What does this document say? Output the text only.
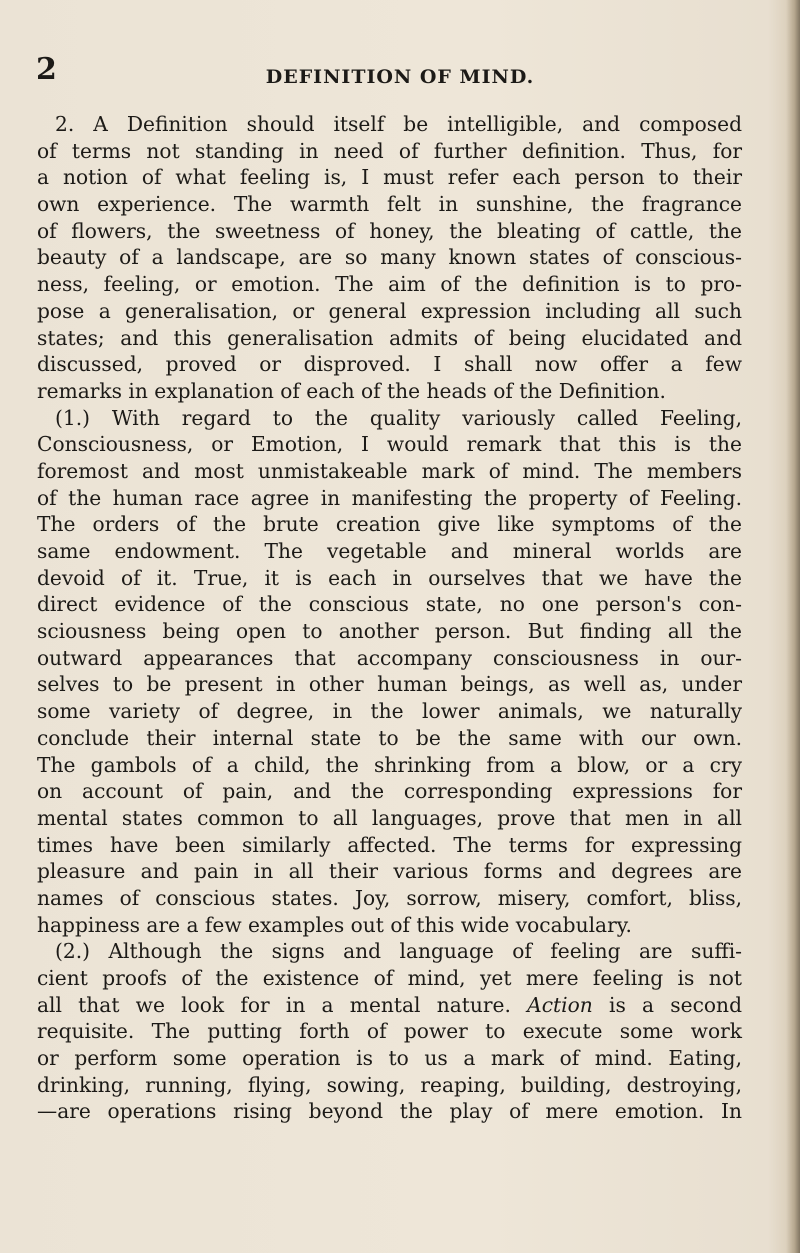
2	DEFINITION OF MIND.
2. A Definition should itself be intelligible, and composed
of terms not standing in need of further definition. Thus, for
a notion of what feeling is, I must refer each person to their
own experience. The warmth felt in sunshine, the fragrance
of flowers, the sweetness of honey, the bleating of cattle, the
beauty of a landscape, are so many known states of conscious-
ness, feeling, or emotion. The aim of the definition is to pro-
pose a generalisation, or general expression including all such
states; and this generalisation admits of being elucidated and
discussed, proved or disproved. I shall now offer a few
remarks in explanation of each of the heads of the Definition.
(1.) With regard to the quality variously called Feeling,
Consciousness, or Emotion, I would remark that this is the
foremost and most unmistakeable mark of mind. The members
of the human race agree in manifesting the property of Feeling.
The orders of the brute creation give like symptoms of the
same endowment. The vegetable and mineral worlds are
devoid of it. True, it is each in ourselves that we have the
direct evidence of the conscious state, no one person's con-
sciousness being open to another person. But finding all the
outward appearances that accompany consciousness in our-
selves to be present in other human beings, as well as, under
some variety of degree, in the lower animals, we naturally
conclude their internal state to be the same with our own.
The gambols of a child, the shrinking from a blow, or a cry
on account of pain, and the corresponding expressions for
mental states common to all languages, prove that men in all
times have been similarly affected. The terms for expressing
pleasure and pain in all their various forms and degrees are
names of conscious states. Joy, sorrow, misery, comfort, bliss,
happiness are a few examples out of this wide vocabulary.
(2.) Although the signs and language of feeling are suffi-
cient proofs of the existence of mind, yet mere feeling is not
all that we look for in a mental nature. Action is a second
requisite. The putting forth of power to execute some work
or perform some operation is to us a mark of mind. Eating,
drinking, running, flying, sowing, reaping, building, destroying,
—are operations rising beyond the play of mere emotion. In
